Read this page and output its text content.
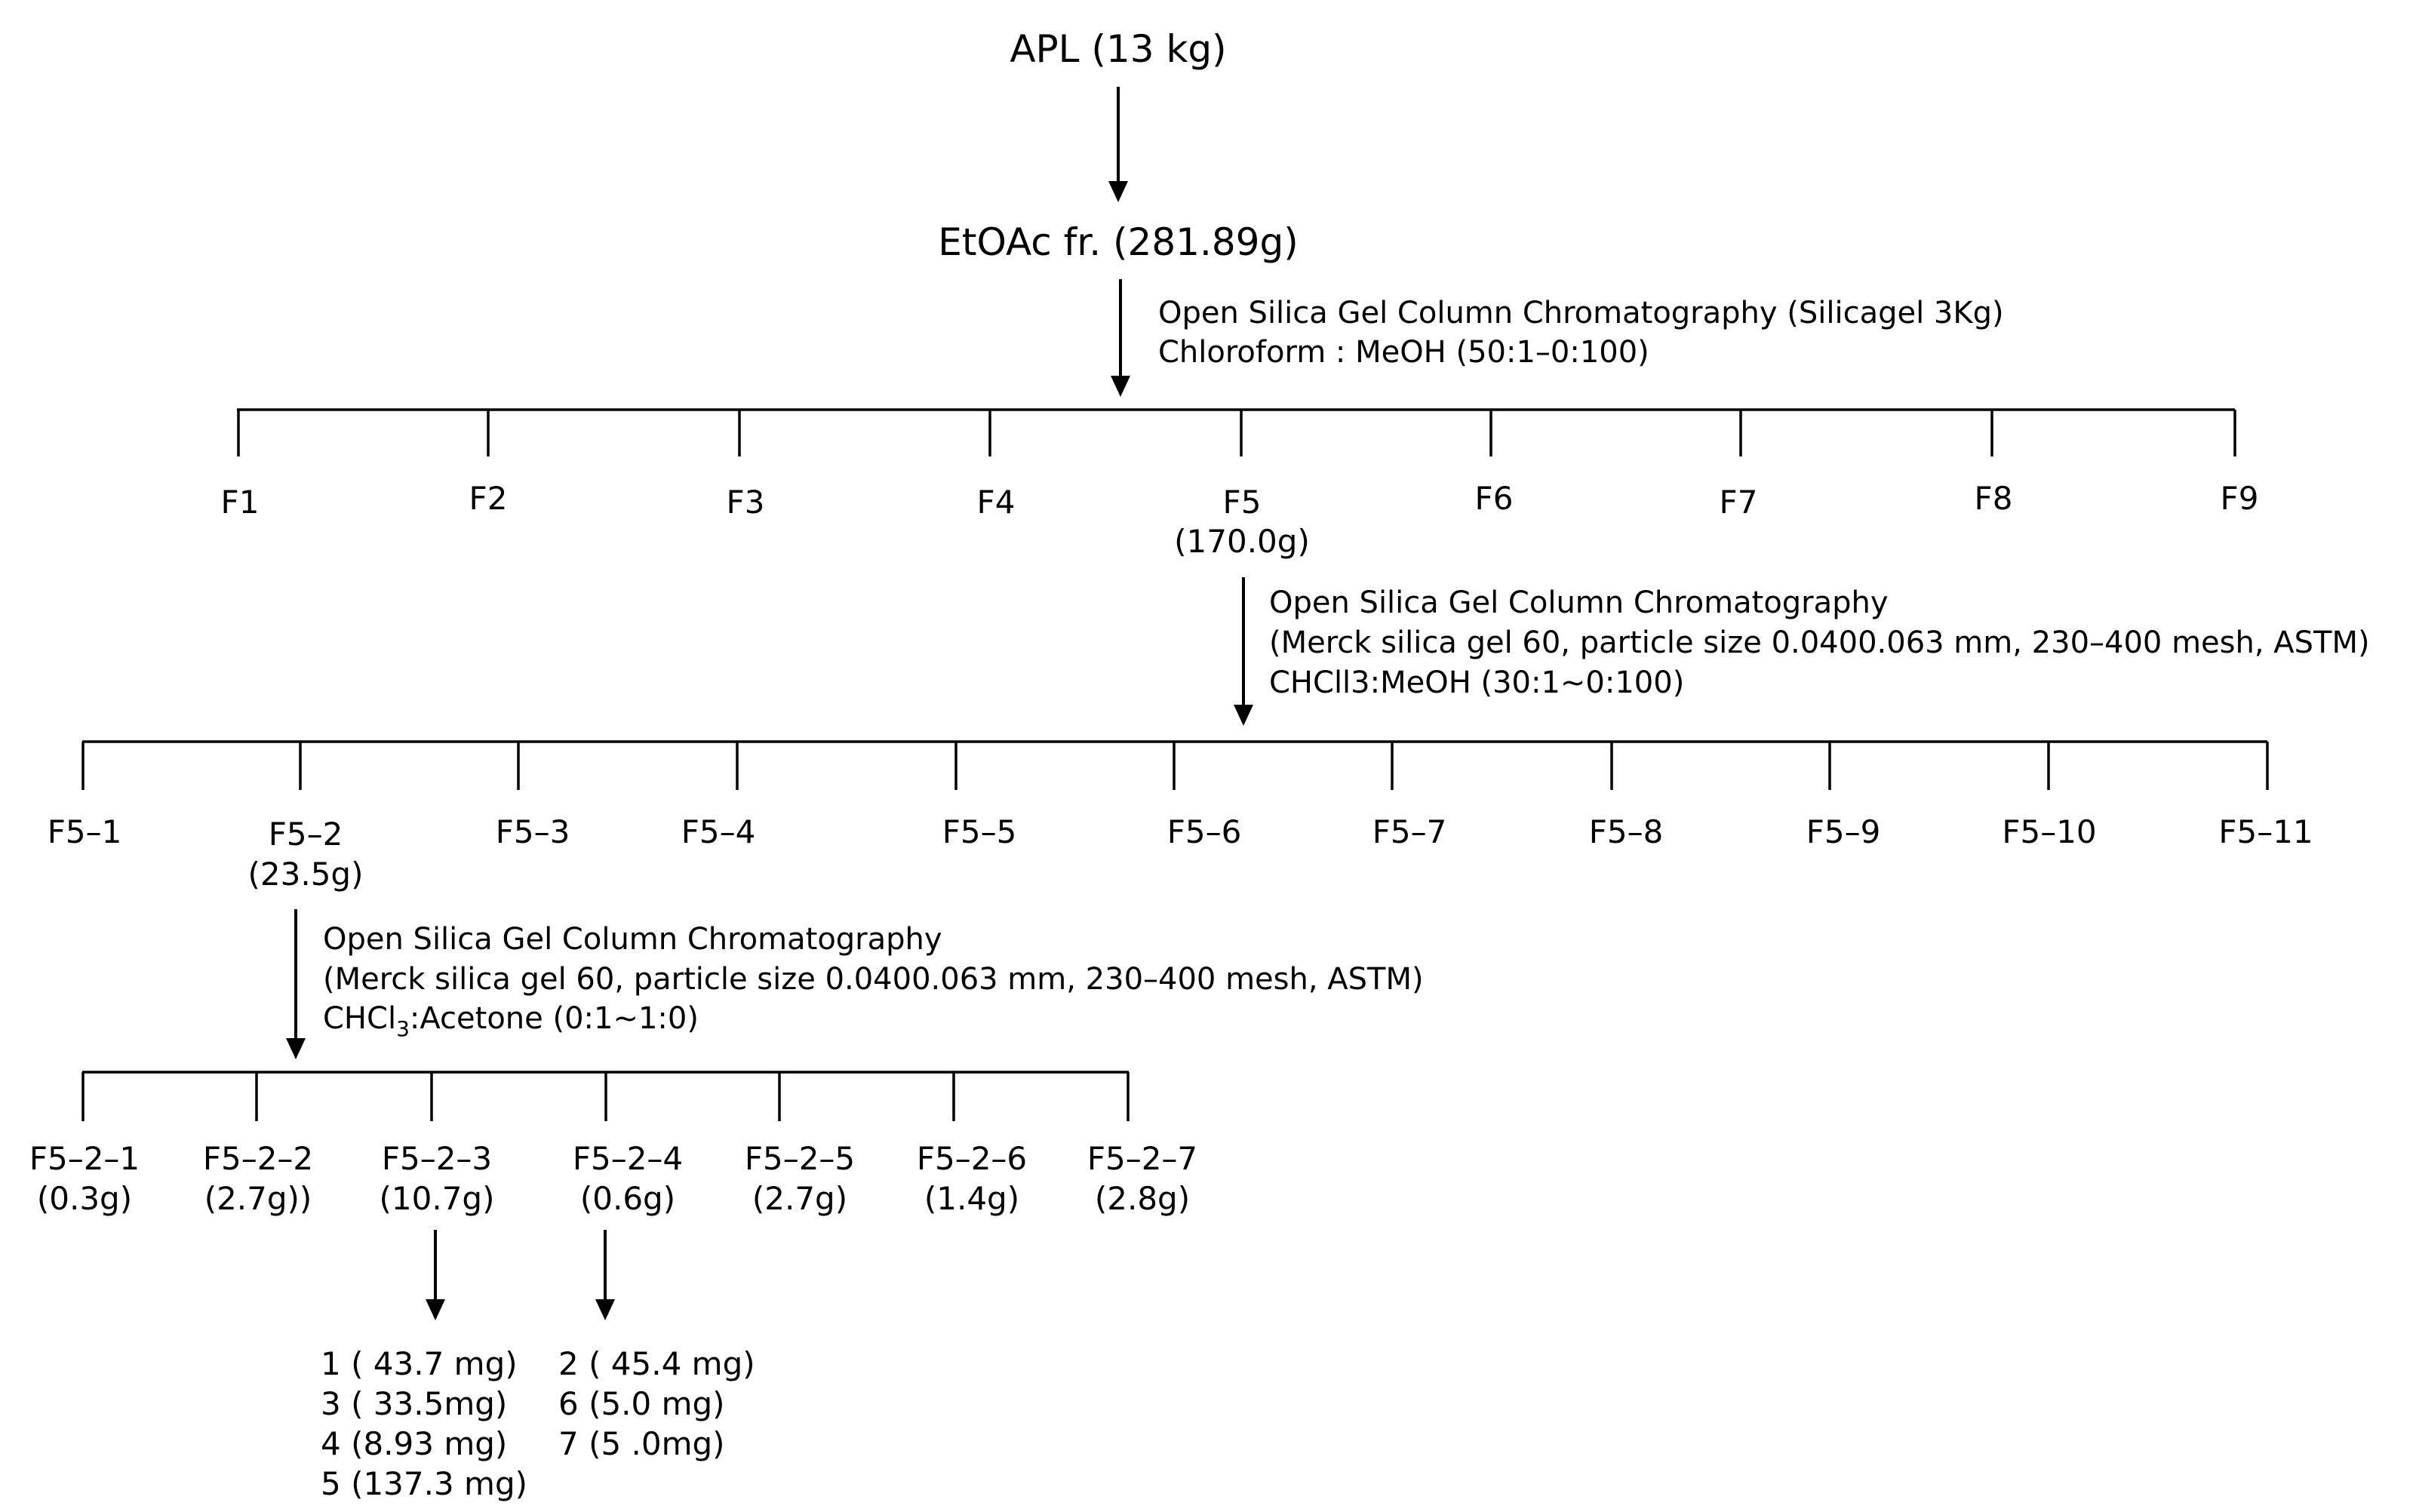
APL (13 kg)
EtOAc fr. (281.89g)
Open Silica Gel Column Chromatography (Silicagel 3Kg)
Chloroform : MeOH (50:1–0:100)
F1	F2	F3	F4	F5
(170.0g)
F6	F7	F8	F9
Open Silica Gel Column Chromatography
(Merck silica gel 60, particle size 0.0400.063 mm, 230–400 mesh, ASTM)
CHCll3:MeOH (30:1~0:100)
F5–1	F5–2
(23.5g)
F5–3	F5–4	F5–5	F5–6	F5–7	F5–8	F5–9	F5–10	F5–11
Open Silica Gel Column Chromatography
(Merck silica gel 60, particle size 0.0400.063 mm, 230–400 mesh, ASTM)
CHCl$_3$:Acetone (0:1~1:0)
F5–2–1
(0.3g)
F5–2–2
(2.7g))
F5–2–3
(10.7g)
F5–2–4
(0.6g)
F5–2–5
(2.7g)
F5–2–6
(1.4g)
F5–2–7
(2.8g)
1 ( 43.7 mg)
3 ( 33.5mg)
4 (8.93 mg)
5 (137.3 mg)
2 ( 45.4 mg)
6 (5.0 mg)
7 (5 .0mg)
